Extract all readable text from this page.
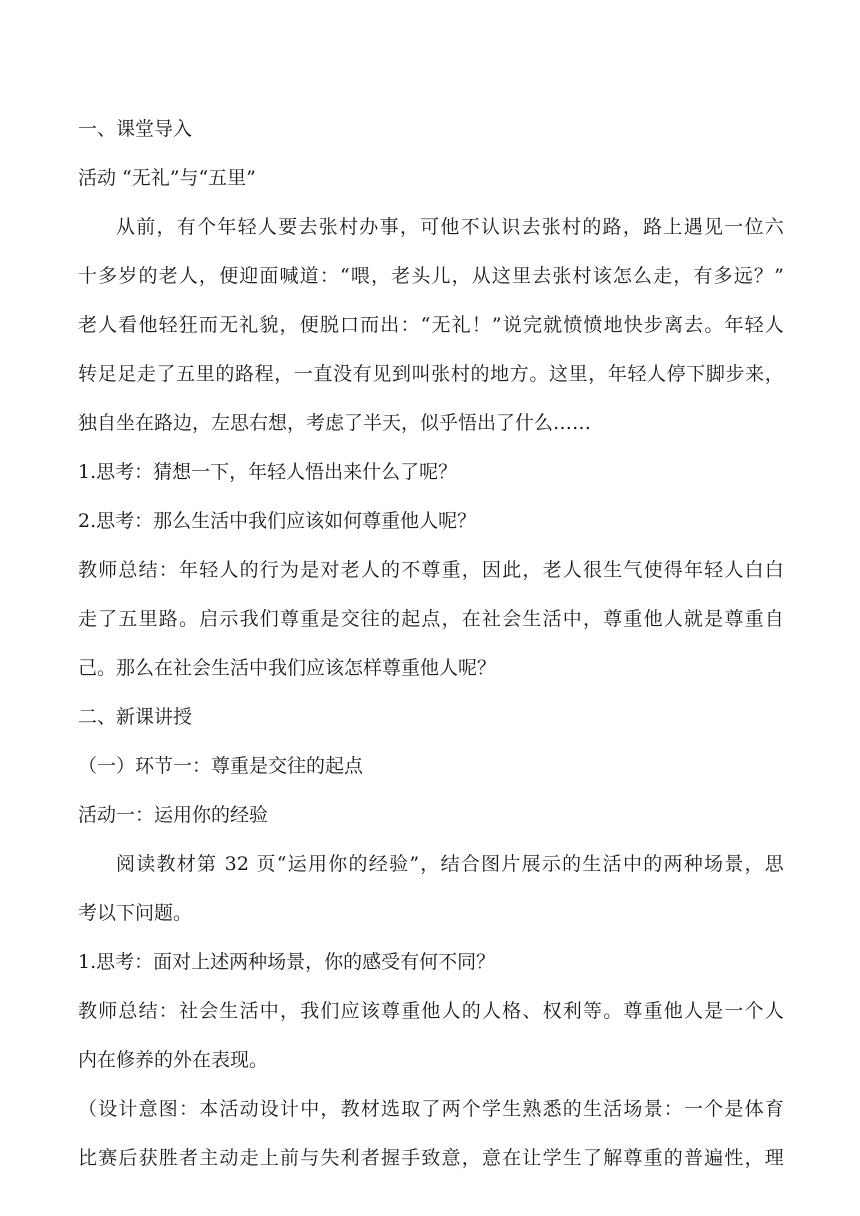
一、课堂导入
活动 “无礼”与“五里”
从前，有个年轻人要去张村办事，可他不认识去张村的路，路上遇见一位六
十多岁的老人，便迎面喊道：“喂，老头儿，从这里去张村该怎么走，有多远？”
老人看他轻狂而无礼貌，便脱口而出：“无礼！”说完就愤愤地快步离去。年轻人
转足足走了五里的路程，一直没有见到叫张村的地方。这里，年轻人停下脚步来，
独自坐在路边，左思右想，考虑了半天，似乎悟出了什么……
1.思考：猜想一下，年轻人悟出来什么了呢？
2.思考：那么生活中我们应该如何尊重他人呢？
教师总结：年轻人的行为是对老人的不尊重，因此，老人很生气使得年轻人白白
走了五里路。启示我们尊重是交往的起点，在社会生活中，尊重他人就是尊重自
己。那么在社会生活中我们应该怎样尊重他人呢？
二、新课讲授
（一）环节一：尊重是交往的起点
活动一：运用你的经验
阅读教材第 32 页“运用你的经验”，结合图片展示的生活中的两种场景，思
考以下问题。
1.思考：面对上述两种场景，你的感受有何不同？
教师总结：社会生活中，我们应该尊重他人的人格、权利等。尊重他人是一个人
内在修养的外在表现。
（设计意图：本活动设计中，教材选取了两个学生熟悉的生活场景：一个是体育
比赛后获胜者主动走上前与失利者握手致意，意在让学生了解尊重的普遍性，理
